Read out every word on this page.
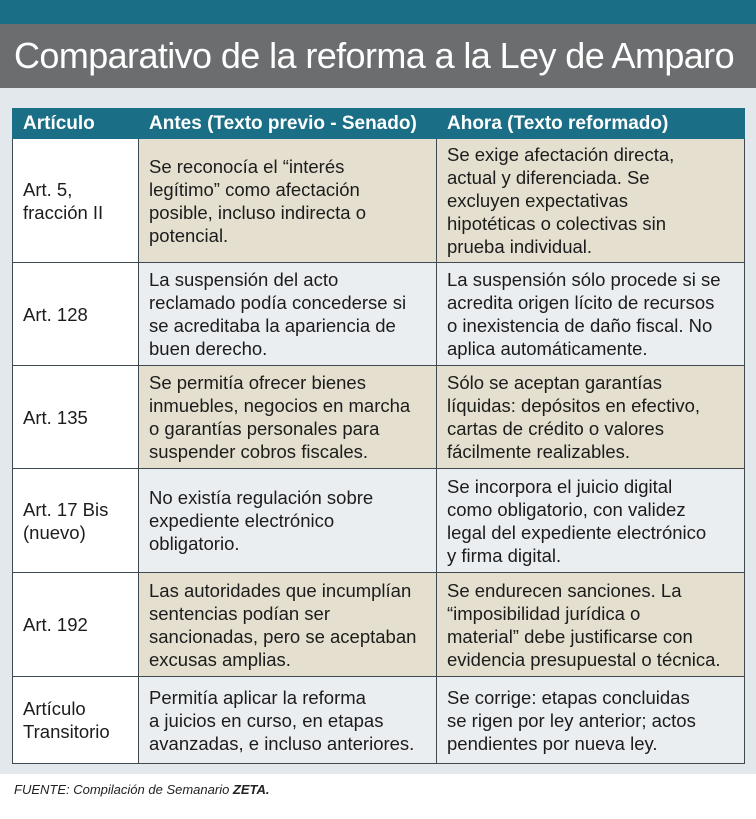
Comparativo de la reforma a la Ley de Amparo
Artículo	Antes (Texto previo - Senado)	Ahora (Texto reformado)

Art. 5,
fracción II	Se reconocía el “interés
legítimo” como afectación
posible, incluso indirecta o
potencial.	Se exige afectación directa,
actual y diferenciada. Se
excluyen expectativas
hipotéticas o colectivas sin
prueba individual.

Art. 128	La suspensión del acto
reclamado podía concederse si
se acreditaba la apariencia de
buen derecho.	La suspensión sólo procede si se
acredita origen lícito de recursos
o inexistencia de daño fiscal. No
aplica automáticamente.

Art. 135	Se permitía ofrecer bienes
inmuebles, negocios en marcha
o garantías personales para
suspender cobros fiscales.	Sólo se aceptan garantías
líquidas: depósitos en efectivo,
cartas de crédito o valores
fácilmente realizables.

Art. 17 Bis
(nuevo)	No existía regulación sobre
expediente electrónico
obligatorio.	Se incorpora el juicio digital
como obligatorio, con validez
legal del expediente electrónico
y firma digital.

Art. 192	Las autoridades que incumplían
sentencias podían ser
sancionadas, pero se aceptaban
excusas amplias.	Se endurecen sanciones. La
“imposibilidad jurídica o
material” debe justificarse con
evidencia presupuestal o técnica.

Artículo
Transitorio	Permitía aplicar la reforma
a juicios en curso, en etapas
avanzadas, e incluso anteriores.	Se corrige: etapas concluidas
se rigen por ley anterior; actos
pendientes por nueva ley.
FUENTE: Compilación de Semanario ZETA.
